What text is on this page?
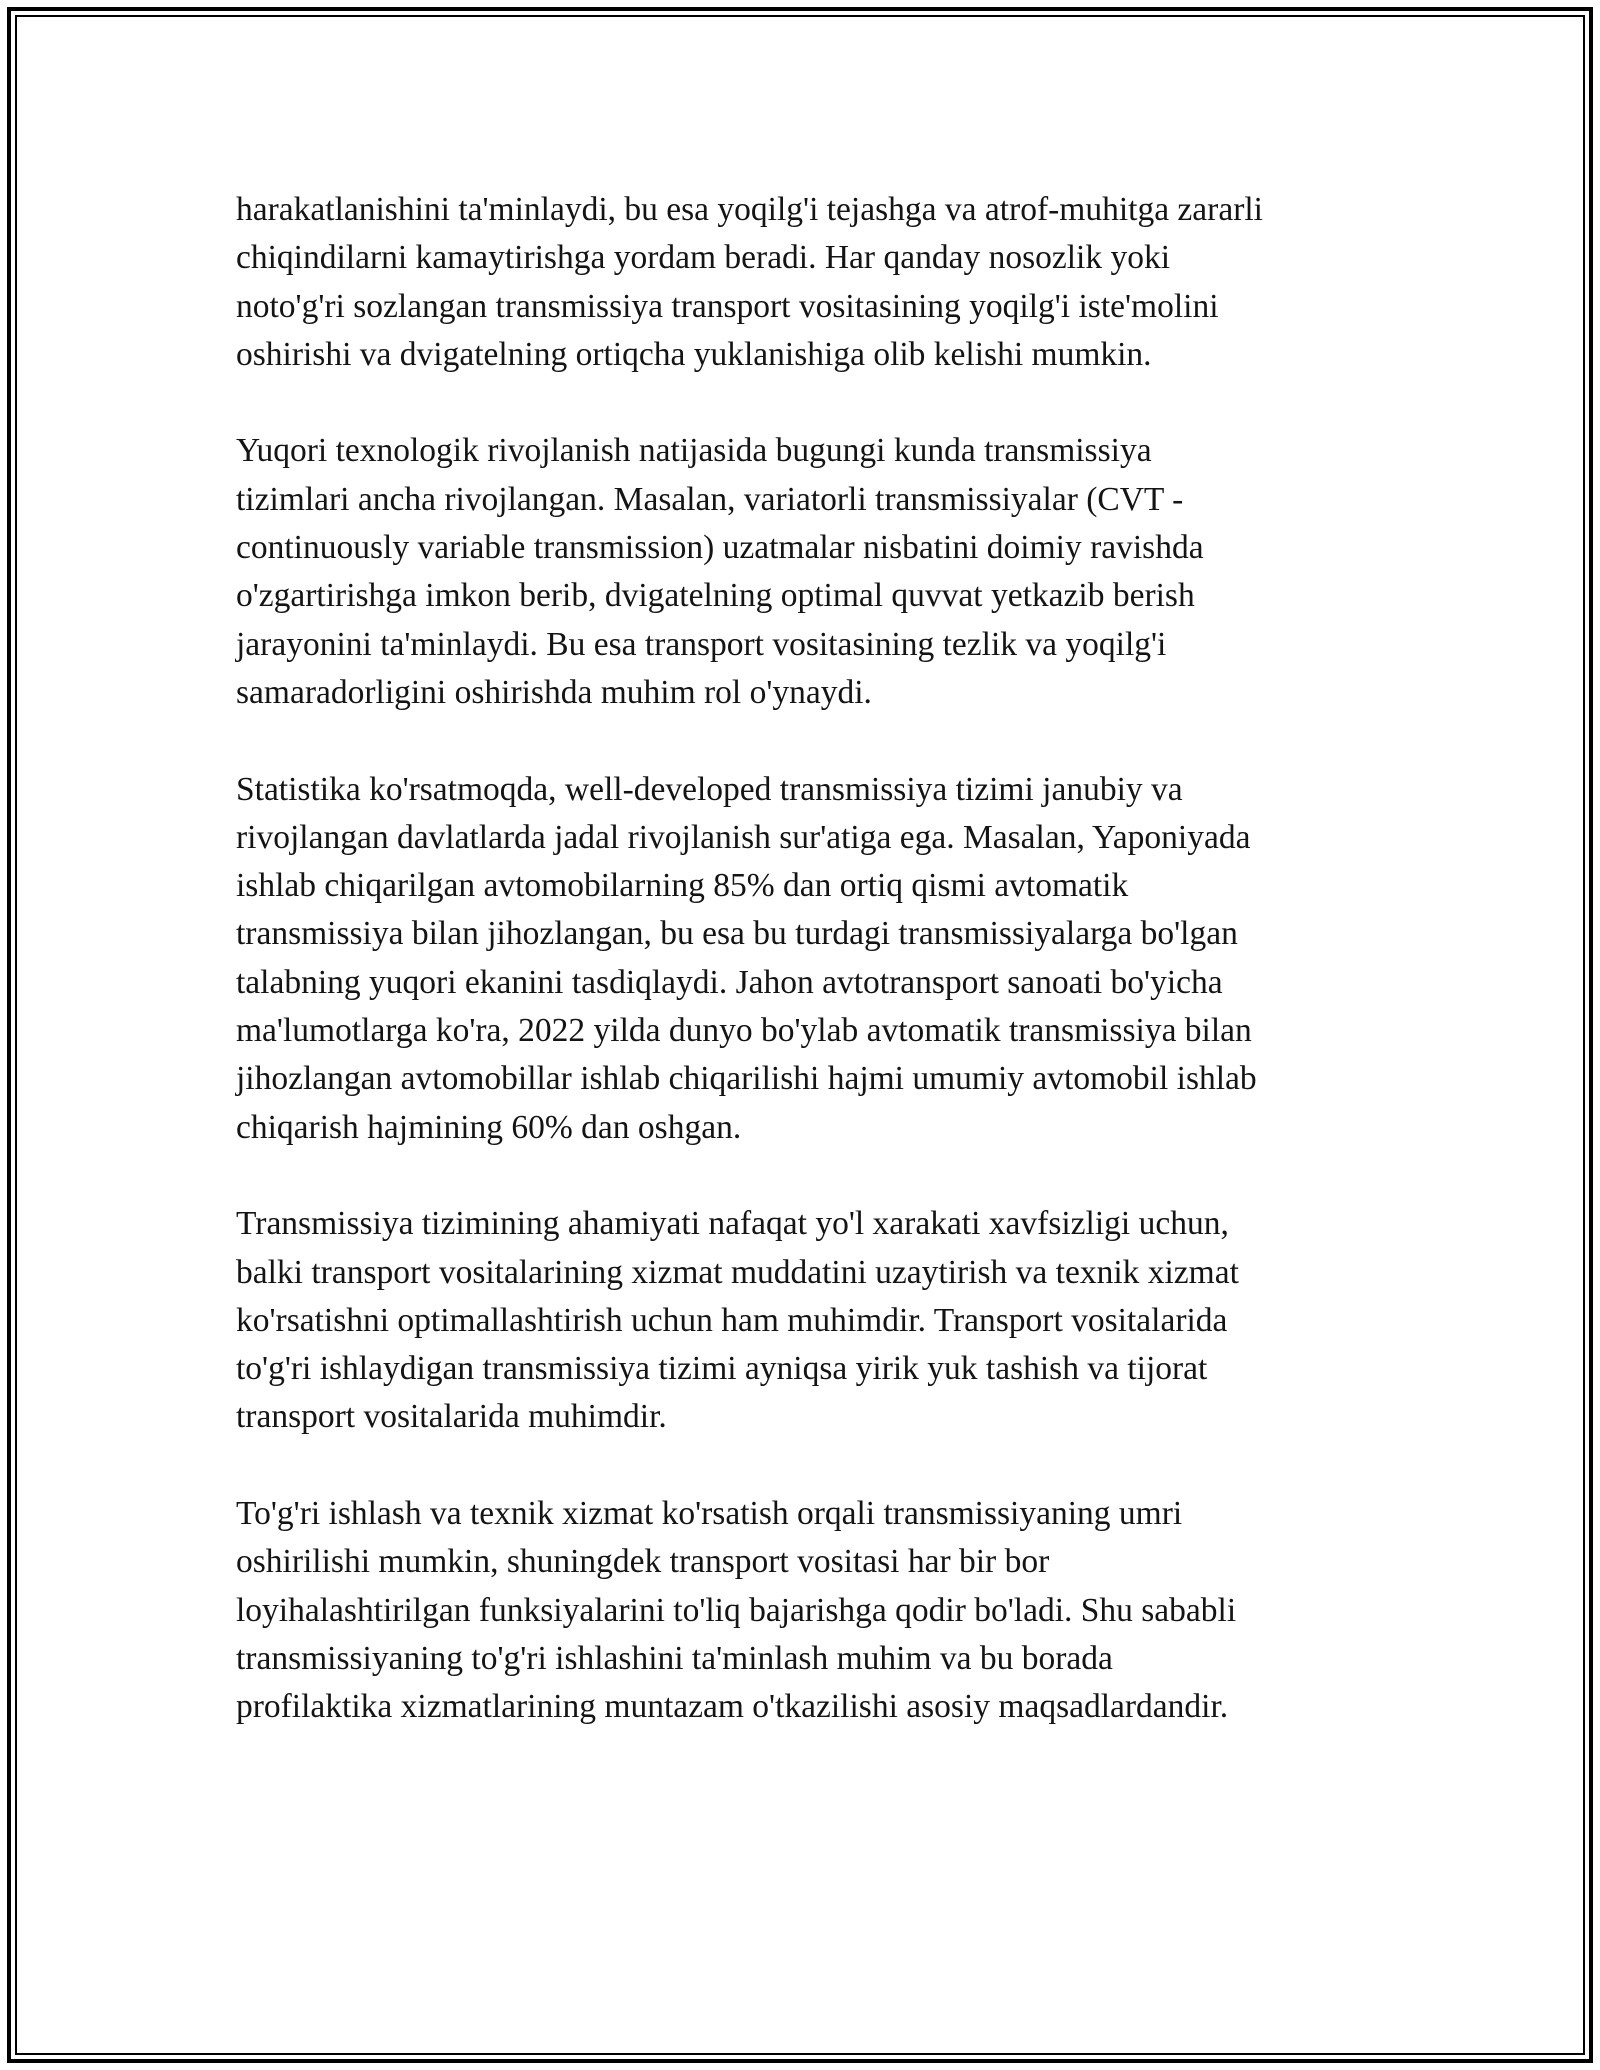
harakatlanishini ta'minlaydi, bu esa yoqilg'i tejashga va atrof-muhitga zararli
chiqindilarni kamaytirishga yordam beradi. Har qanday nosozlik yoki
noto'g'ri sozlangan transmissiya transport vositasining yoqilg'i iste'molini
oshirishi va dvigatelning ortiqcha yuklanishiga olib kelishi mumkin.

Yuqori texnologik rivojlanish natijasida bugungi kunda transmissiya
tizimlari ancha rivojlangan. Masalan, variatorli transmissiyalar (CVT -
continuously variable transmission) uzatmalar nisbatini doimiy ravishda
o'zgartirishga imkon berib, dvigatelning optimal quvvat yetkazib berish
jarayonini ta'minlaydi. Bu esa transport vositasining tezlik va yoqilg'i
samaradorligini oshirishda muhim rol o'ynaydi.

Statistika ko'rsatmoqda, well-developed transmissiya tizimi janubiy va
rivojlangan davlatlarda jadal rivojlanish sur'atiga ega. Masalan, Yaponiyada
ishlab chiqarilgan avtomobilarning 85% dan ortiq qismi avtomatik
transmissiya bilan jihozlangan, bu esa bu turdagi transmissiyalarga bo'lgan
talabning yuqori ekanini tasdiqlaydi. Jahon avtotransport sanoati bo'yicha
ma'lumotlarga ko'ra, 2022 yilda dunyo bo'ylab avtomatik transmissiya bilan
jihozlangan avtomobillar ishlab chiqarilishi hajmi umumiy avtomobil ishlab
chiqarish hajmining 60% dan oshgan.

Transmissiya tizimining ahamiyati nafaqat yo'l xarakati xavfsizligi uchun,
balki transport vositalarining xizmat muddatini uzaytirish va texnik xizmat
ko'rsatishni optimallashtirish uchun ham muhimdir. Transport vositalarida
to'g'ri ishlaydigan transmissiya tizimi ayniqsa yirik yuk tashish va tijorat
transport vositalarida muhimdir.

To'g'ri ishlash va texnik xizmat ko'rsatish orqali transmissiyaning umri
oshirilishi mumkin, shuningdek transport vositasi har bir bor
loyihalashtirilgan funksiyalarini to'liq bajarishga qodir bo'ladi. Shu sababli
transmissiyaning to'g'ri ishlashini ta'minlash muhim va bu borada
profilaktika xizmatlarining muntazam o'tkazilishi asosiy maqsadlardandir.
